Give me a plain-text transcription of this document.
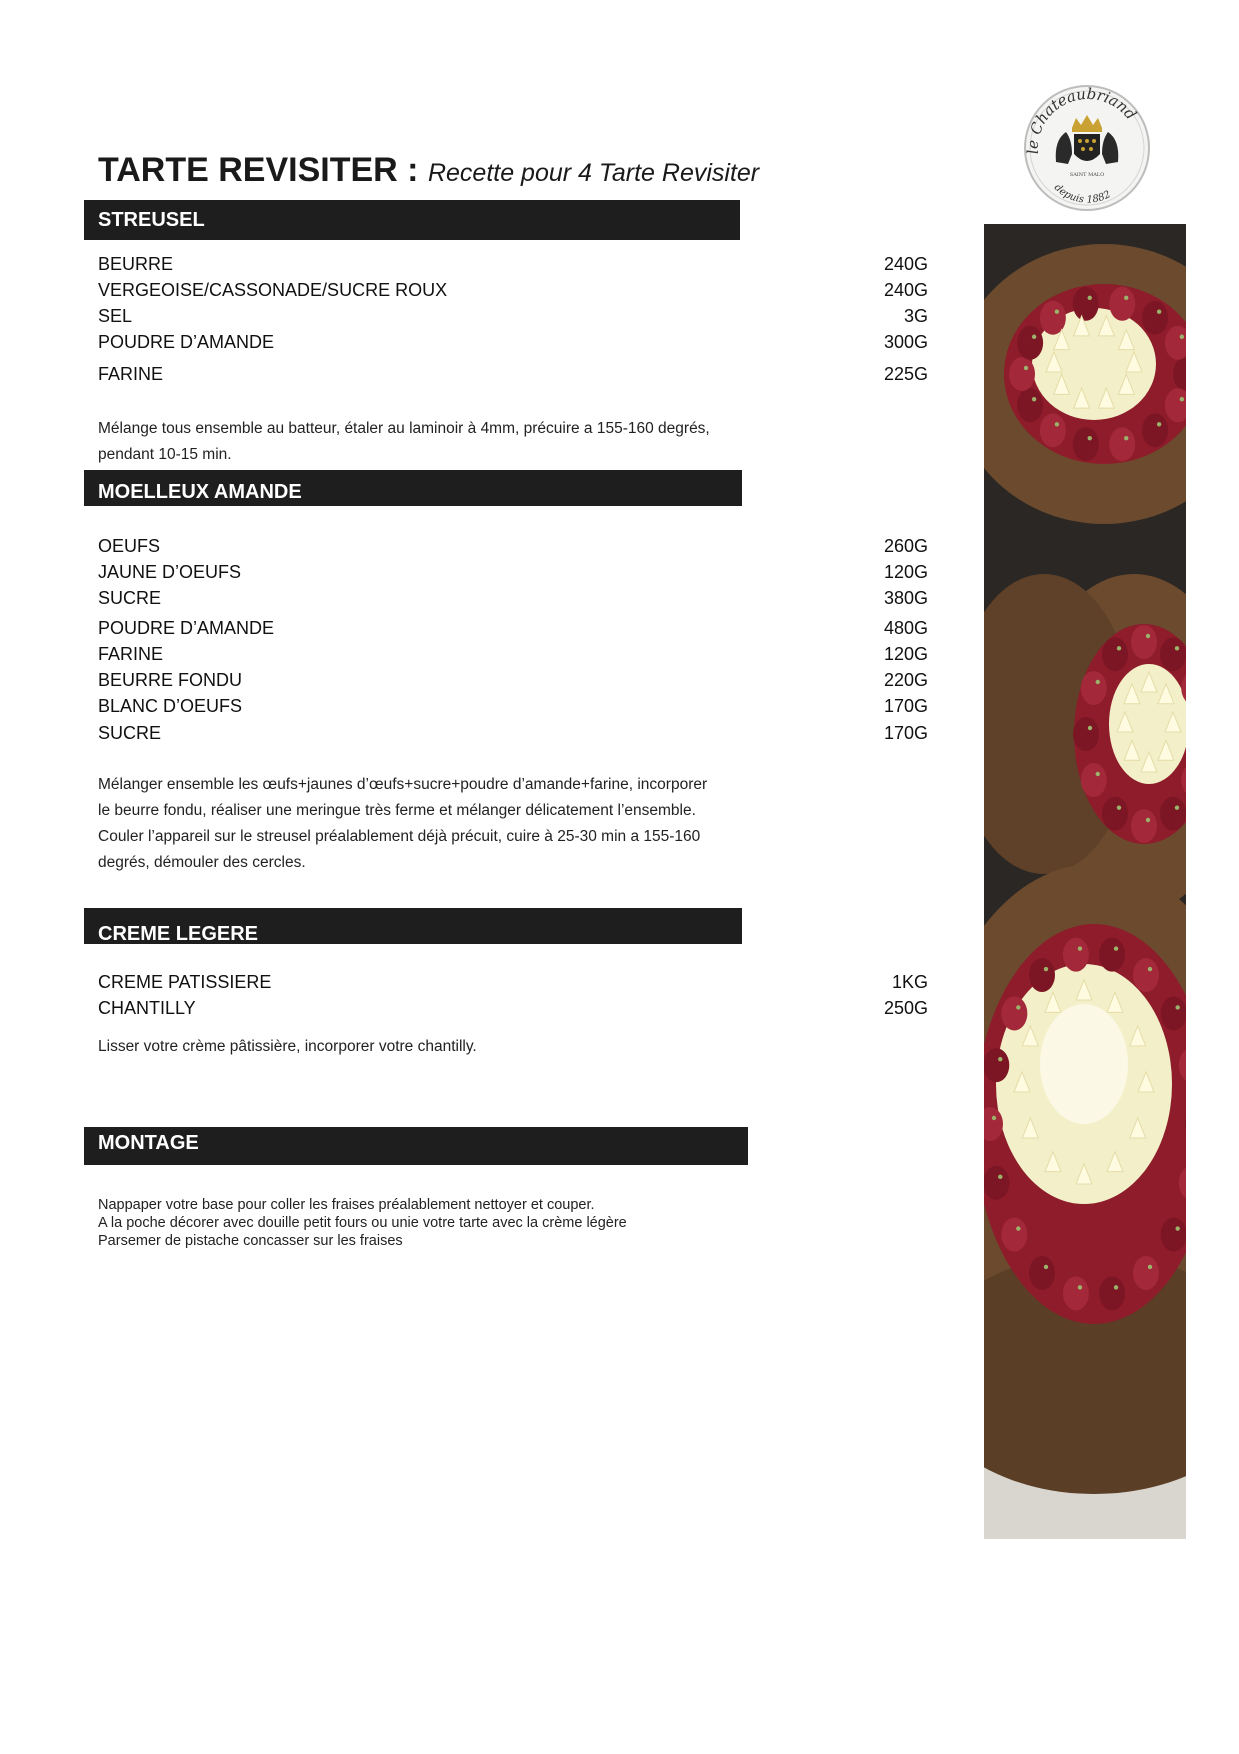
TARTE REVISITER : Recette pour 4 Tarte Revisiter
STREUSEL
BEURRE	240G
VERGEOISE/CASSONADE/SUCRE ROUX	240G
SEL	3G
POUDRE D’AMANDE	300G
FARINE	225G

Mélange tous ensemble au batteur, étaler au laminoir à 4mm, précuire a 155-160 degrés,
pendant 10-15 min.

MOELLEUX AMANDE
OEUFS	260G
JAUNE D’OEUFS	120G
SUCRE	380G
POUDRE D’AMANDE	480G
FARINE	120G
BEURRE FONDU	220G
BLANC D’OEUFS	170G
SUCRE	170G

Mélanger ensemble les œufs+jaunes d’œufs+sucre+poudre d’amande+farine, incorporer
le beurre fondu, réaliser une meringue très ferme et mélanger délicatement l’ensemble.
Couler l’appareil sur le streusel préalablement déjà précuit, cuire à 25-30 min a 155-160
degrés, démouler des cercles.

CREME LEGERE
CREME PATISSIERE	1KG
CHANTILLY	250G

Lisser votre crème pâtissière, incorporer votre chantilly.

MONTAGE

Nappaper votre base pour coller les fraises préalablement nettoyer et couper.
A la poche décorer avec douille petit fours ou unie votre tarte avec la crème légère
Parsemer de pistache concasser sur les fraises

le Chateaubriand
SAINT MALO
depuis 1882
